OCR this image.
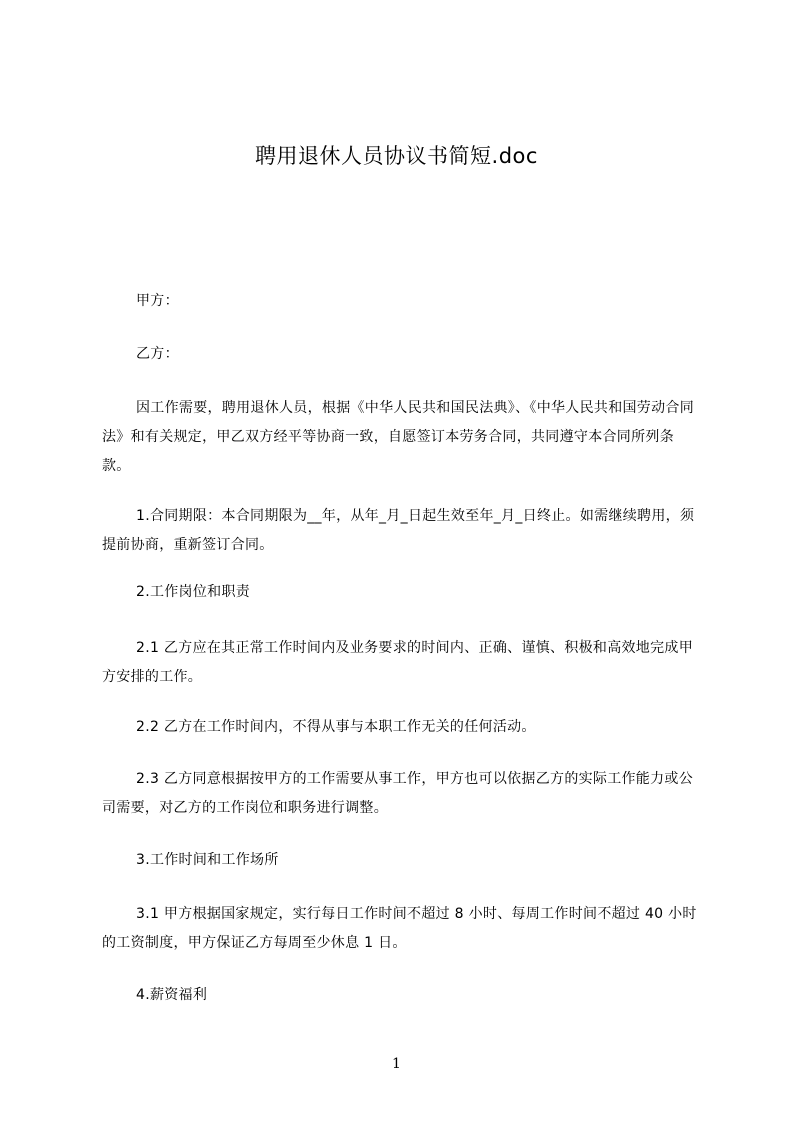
聘用退休人员协议书简短.doc
甲方：
乙方：
因工作需要，聘用退休人员，根据《中华人民共和国民法典》、《中华人民共和国劳动合同法》和有关规定，甲乙双方经平等协商一致，自愿签订本劳务合同，共同遵守本合同所列条款。
1.合同期限：本合同期限为__年，从年_月_日起生效至年_月_日终止。如需继续聘用，须提前协商，重新签订合同。
2.工作岗位和职责
2.1 乙方应在其正常工作时间内及业务要求的时间内、正确、谨慎、积极和高效地完成甲方安排的工作。
2.2 乙方在工作时间内，不得从事与本职工作无关的任何活动。
2.3 乙方同意根据按甲方的工作需要从事工作，甲方也可以依据乙方的实际工作能力或公司需要，对乙方的工作岗位和职务进行调整。
3.工作时间和工作场所
3.1 甲方根据国家规定，实行每日工作时间不超过 8 小时、每周工作时间不超过 40 小时的工资制度，甲方保证乙方每周至少休息 1 日。
4.薪资福利
1
